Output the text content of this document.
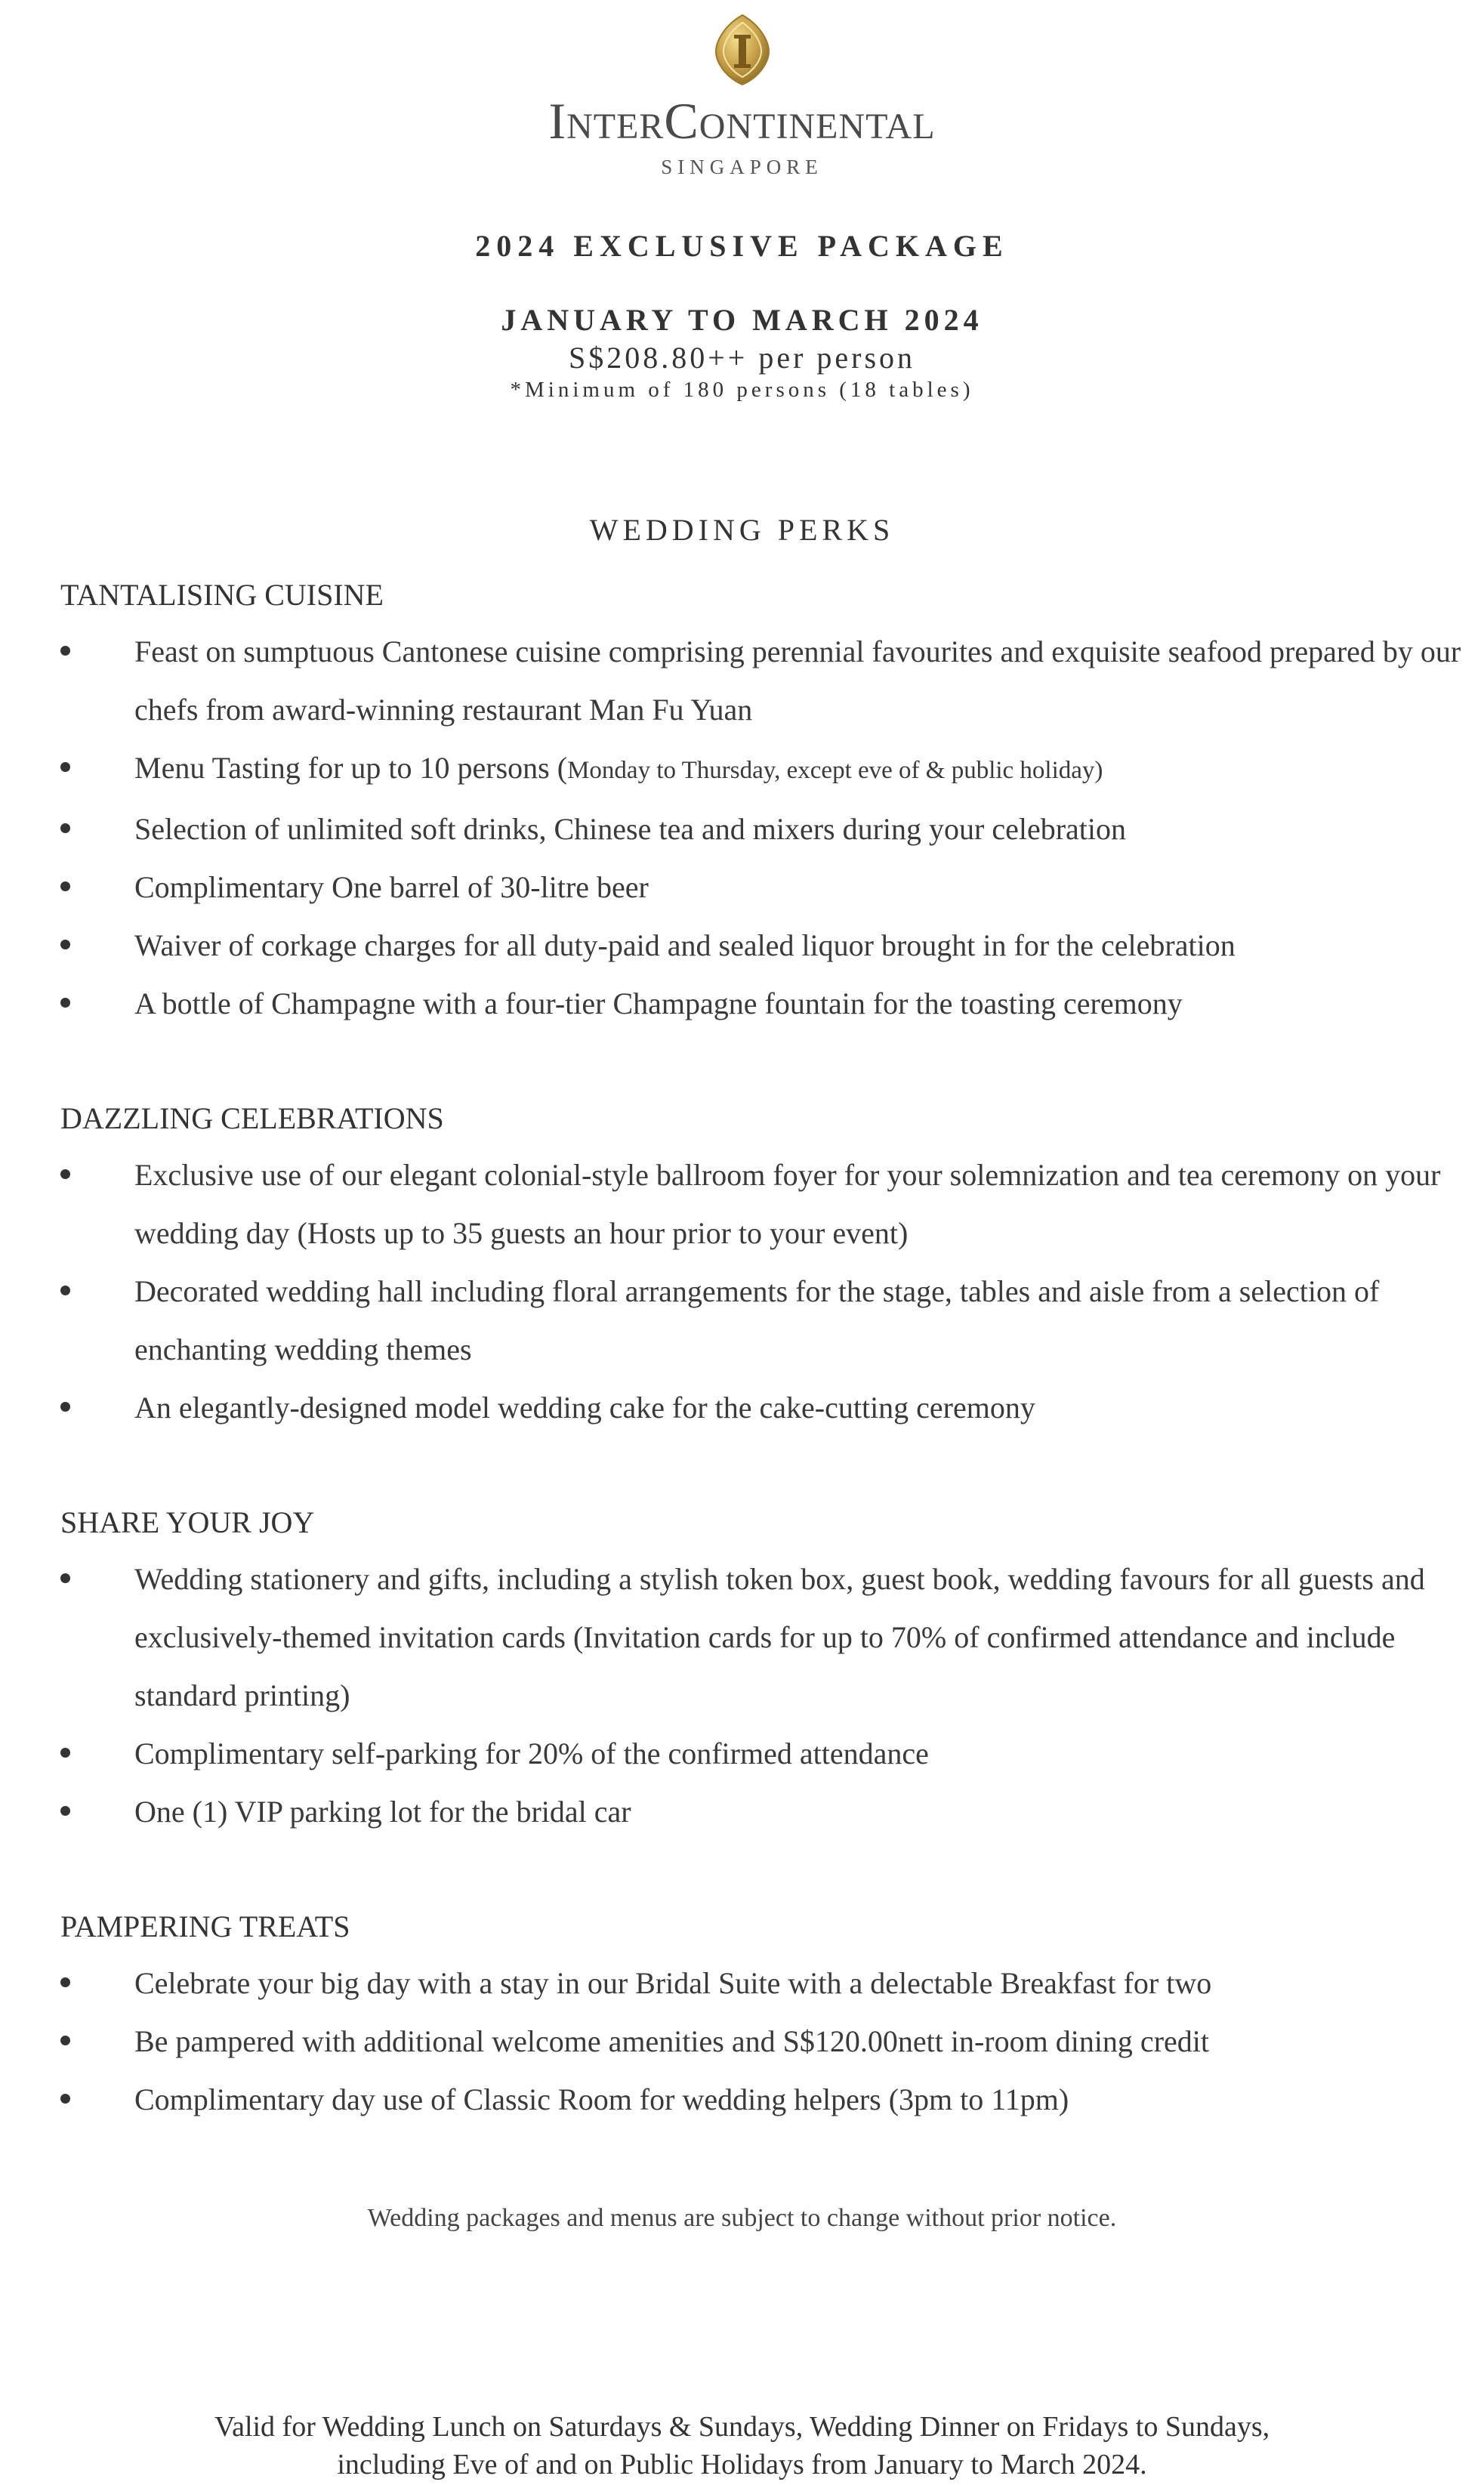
InterContinental
SINGAPORE
2024 EXCLUSIVE PACKAGE
JANUARY TO MARCH 2024
S$208.80++ per person
*Minimum of 180 persons (18 tables)
WEDDING PERKS
TANTALISING CUISINE
Feast on sumptuous Cantonese cuisine comprising perennial favourites and exquisite seafood prepared by our chefs from award-winning restaurant Man Fu Yuan
Menu Tasting for up to 10 persons (Monday to Thursday, except eve of & public holiday)
Selection of unlimited soft drinks, Chinese tea and mixers during your celebration
Complimentary One barrel of 30-litre beer
Waiver of corkage charges for all duty-paid and sealed liquor brought in for the celebration
A bottle of Champagne with a four-tier Champagne fountain for the toasting ceremony
DAZZLING CELEBRATIONS
Exclusive use of our elegant colonial-style ballroom foyer for your solemnization and tea ceremony on your wedding day (Hosts up to 35 guests an hour prior to your event)
Decorated wedding hall including floral arrangements for the stage, tables and aisle from a selection of enchanting wedding themes
An elegantly-designed model wedding cake for the cake-cutting ceremony
SHARE YOUR JOY
Wedding stationery and gifts, including a stylish token box, guest book, wedding favours for all guests and exclusively-themed invitation cards (Invitation cards for up to 70% of confirmed attendance and include standard printing)
Complimentary self-parking for 20% of the confirmed attendance
One (1) VIP parking lot for the bridal car
PAMPERING TREATS
Celebrate your big day with a stay in our Bridal Suite with a delectable Breakfast for two
Be pampered with additional welcome amenities and S$120.00nett in-room dining credit
Complimentary day use of Classic Room for wedding helpers (3pm to 11pm)
Wedding packages and menus are subject to change without prior notice.
Valid for Wedding Lunch on Saturdays & Sundays, Wedding Dinner on Fridays to Sundays,
including Eve of and on Public Holidays from January to March 2024.
